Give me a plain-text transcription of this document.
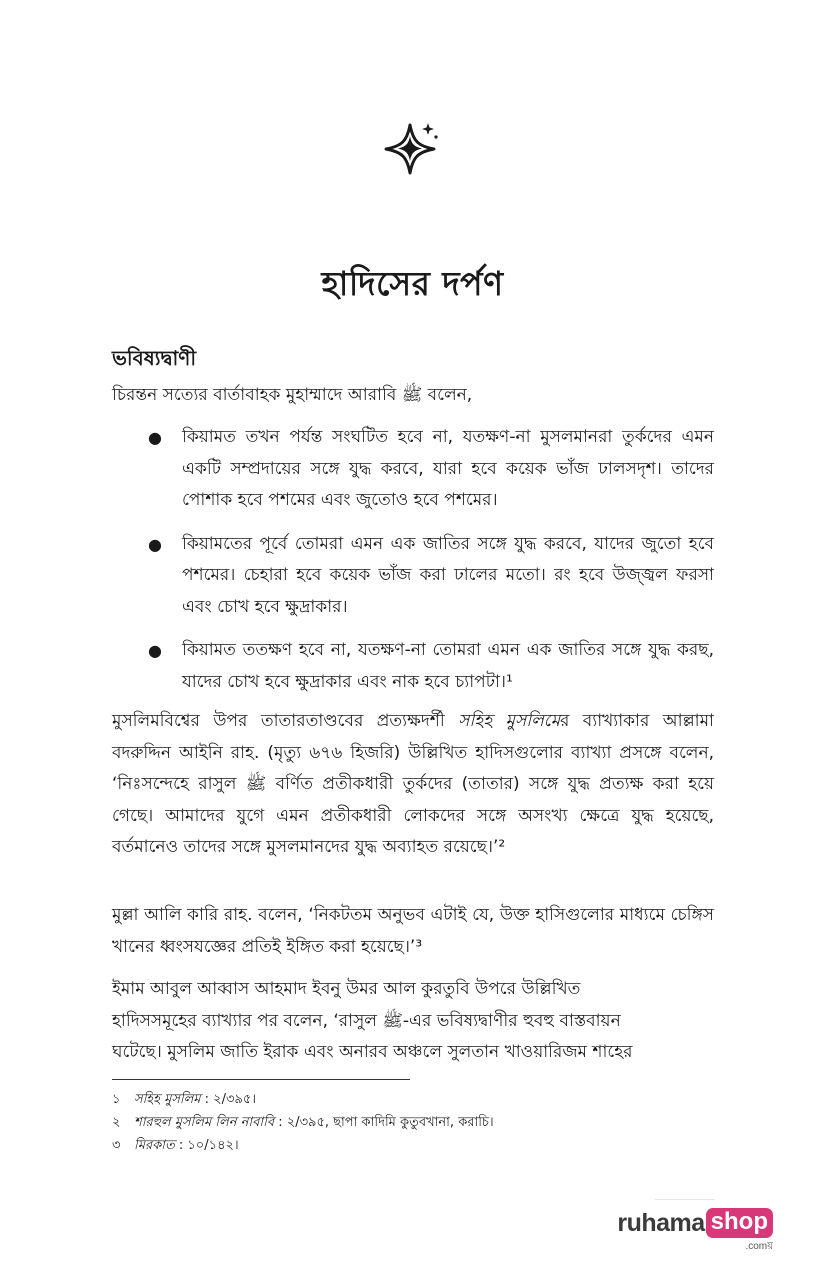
হাদিসের দর্পণ
ভবিষ্যদ্বাণী
চিরন্তন সত্যের বার্তাবাহক মুহাম্মাদে আরাবি ﷺ বলেন,
● কিয়ামত তখন পর্যন্ত সংঘটিত হবে না, যতক্ষণ-না মুসলমানরা তুর্কদের এমন একটি সম্প্রদায়ের সঙ্গে যুদ্ধ করবে, যারা হবে কয়েক ভাঁজ ঢালসদৃশ। তাদের পোশাক হবে পশমের এবং জুতোও হবে পশমের।
● কিয়ামতের পূর্বে তোমরা এমন এক জাতির সঙ্গে যুদ্ধ করবে, যাদের জুতো হবে পশমের। চেহারা হবে কয়েক ভাঁজ করা ঢালের মতো। রং হবে উজ্জ্বল ফরসা এবং চোখ হবে ক্ষুদ্রাকার।
● কিয়ামত ততক্ষণ হবে না, যতক্ষণ-না তোমরা এমন এক জাতির সঙ্গে যুদ্ধ করছ, যাদের চোখ হবে ক্ষুদ্রাকার এবং নাক হবে চ্যাপটা।¹
মুসলিমবিশ্বের উপর তাতারতাণ্ডবের প্রত্যক্ষদর্শী সহিহ মুসলিমের ব্যাখ্যাকার আল্লামা বদরুদ্দিন আইনি রাহ. (মৃত্যু ৬৭৬ হিজরি) উল্লিখিত হাদিসগুলোর ব্যাখ্যা প্রসঙ্গে বলেন, ‘নিঃসন্দেহে রাসুল ﷺ বর্ণিত প্রতীকধারী তুর্কদের (তাতার) সঙ্গে যুদ্ধ প্রত্যক্ষ করা হয়ে গেছে। আমাদের যুগে এমন প্রতীকধারী লোকদের সঙ্গে অসংখ্য ক্ষেত্রে যুদ্ধ হয়েছে, বর্তমানেও তাদের সঙ্গে মুসলমানদের যুদ্ধ অব্যাহত রয়েছে।’²
মুল্লা আলি কারি রাহ. বলেন, ‘নিকটতম অনুভব এটাই যে, উক্ত হাসিগুলোর মাধ্যমে চেঙ্গিস খানের ধ্বংসযজ্ঞের প্রতিই ইঙ্গিত করা হয়েছে।’³
ইমাম আবুল আব্বাস আহমাদ ইবনু উমর আল কুরতুবি উপরে উল্লিখিত
হাদিসসমূহের ব্যাখ্যার পর বলেন, ‘রাসুল ﷺ-এর ভবিষ্যদ্বাণীর হুবহু বাস্তবায়ন
ঘটেছে। মুসলিম জাতি ইরাক এবং অনারব অঞ্চলে সুলতান খাওয়ারিজম শাহের
১	সহিহ মুসলিম : ২/৩৯৫।
২	শারহুল মুসলিম লিন নাবাবি : ২/৩৯৫, ছাপা কাদিমি কুতুবখানা, করাচি।
৩	মিরকাত : ১০/১৪২।
ruhama shop
.comয়
